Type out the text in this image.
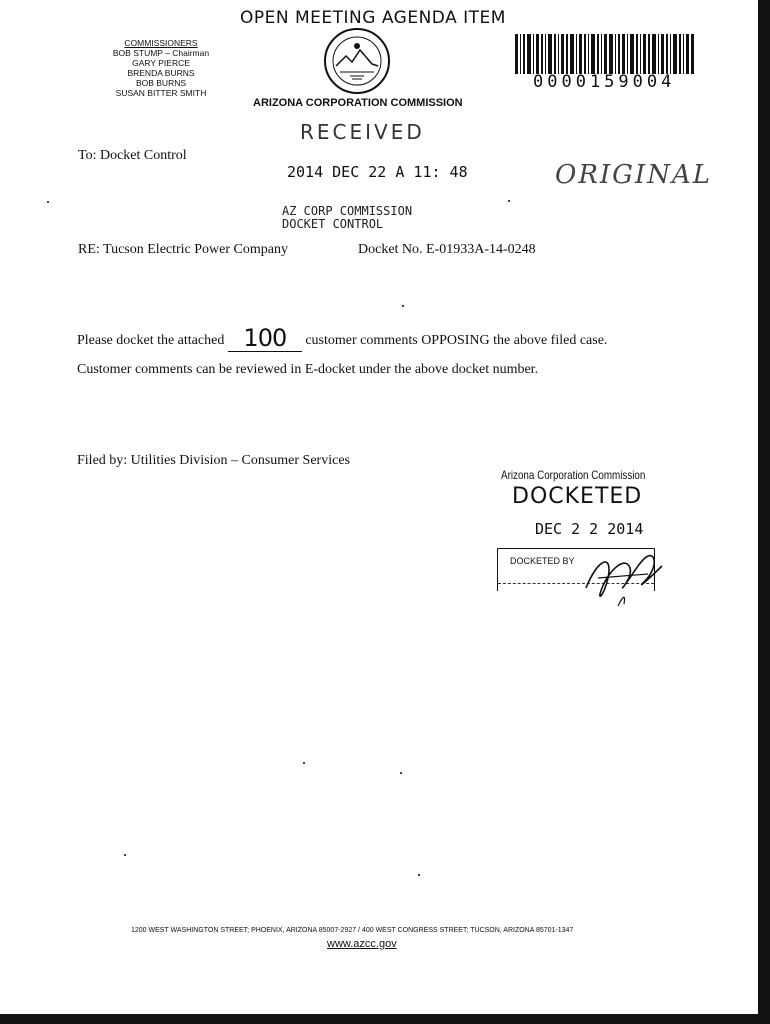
OPEN MEETING AGENDA ITEM
COMMISSIONERS
BOB STUMP – Chairman
GARY PIERCE
BRENDA BURNS
BOB BURNS
SUSAN BITTER SMITH
ARIZONA CORPORATION COMMISSION
0000159004
RECEIVED
To: Docket Control
2014 DEC 22 A 11: 48	ORIGINAL
AZ CORP COMMISSION
DOCKET CONTROL
RE: Tucson Electric Power Company	Docket No. E-01933A-14-0248
Please docket the attached 100 customer comments OPPOSING the above filed case.
Customer comments can be reviewed in E-docket under the above docket number.
Filed by: Utilities Division – Consumer Services
Arizona Corporation Commission
DOCKETED
DEC 2 2 2014
DOCKETED BY
1200 WEST WASHINGTON STREET; PHOENIX, ARIZONA 85007-2927 / 400 WEST CONGRESS STREET; TUCSON, ARIZONA 85701-1347
www.azcc.gov
